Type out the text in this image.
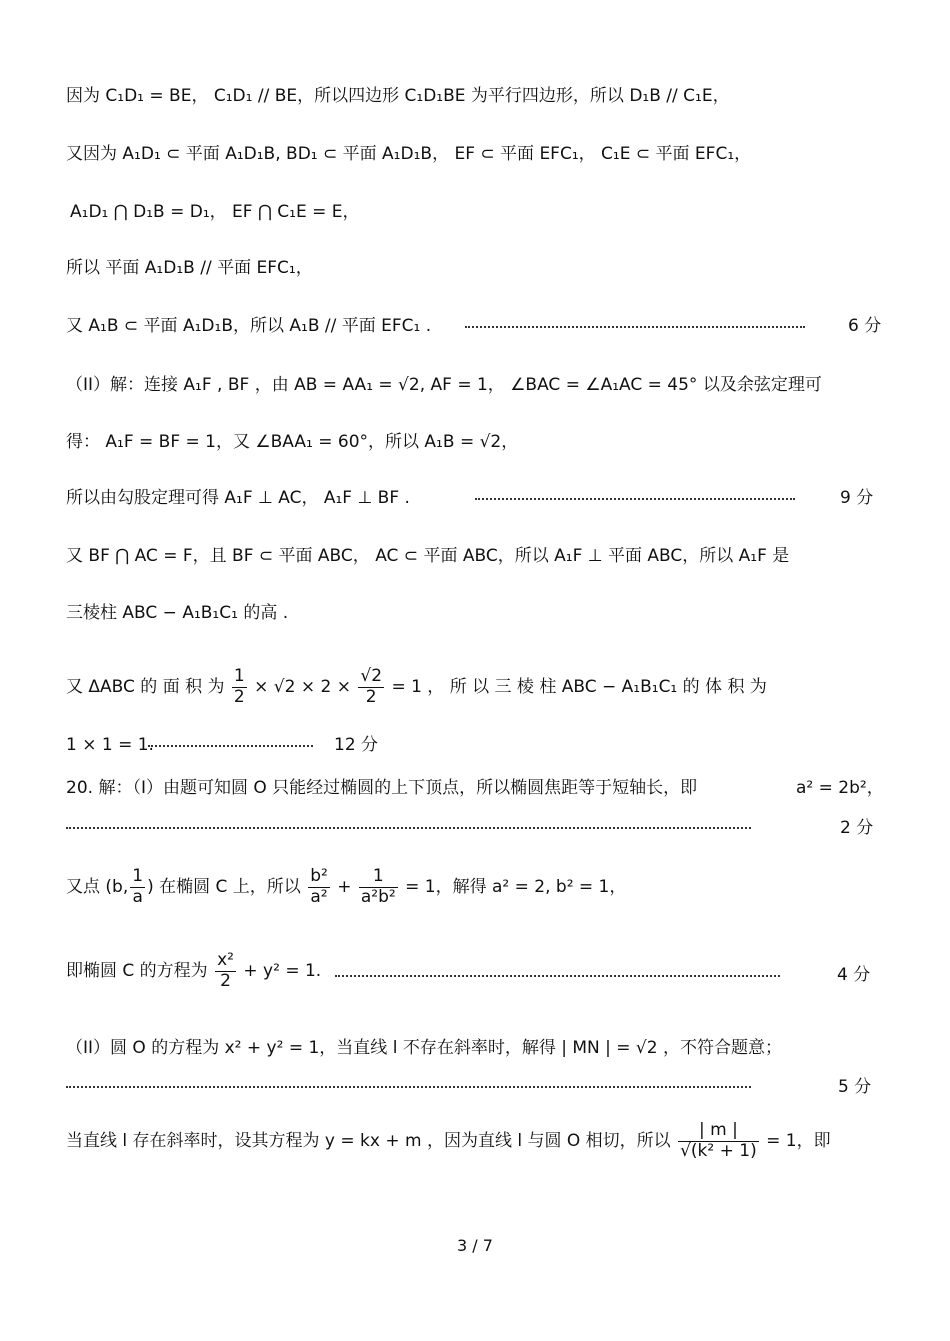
因为 C₁D₁ = BE， C₁D₁ // BE，所以四边形 C₁D₁BE 为平行四边形，所以 D₁B // C₁E，
又因为 A₁D₁ ⊂ 平面 A₁D₁B, BD₁ ⊂ 平面 A₁D₁B， EF ⊂ 平面 EFC₁， C₁E ⊂ 平面 EFC₁，
A₁D₁ ⋂ D₁B = D₁， EF ⋂ C₁E = E，
所以 平面 A₁D₁B // 平面 EFC₁，
又 A₁B ⊂ 平面 A₁D₁B，所以 A₁B // 平面 EFC₁ .	6 分
（II）解：连接 A₁F , BF ，由 AB = AA₁ = √2, AF = 1， ∠BAC = ∠A₁AC = 45° 以及余弦定理可
得： A₁F = BF = 1，又 ∠BAA₁ = 60°，所以 A₁B = √2，
所以由勾股定理可得 A₁F ⊥ AC， A₁F ⊥ BF .	9 分
又 BF ⋂ AC = F，且 BF ⊂ 平面 ABC， AC ⊂ 平面 ABC，所以 A₁F ⊥ 平面 ABC，所以 A₁F 是
三棱柱 ABC − A₁B₁C₁ 的高 .
又 ΔABC 的 面 积 为 $\frac{1}{2} \times √2 \times 2 \times \frac{√2}{2} = 1$ ， 所 以 三 棱 柱 ABC − A₁B₁C₁ 的 体 积 为
1 × 1 = 1.	12 分
20. 解：（I）由题可知圆 O 只能经过椭圆的上下顶点，所以椭圆焦距等于短轴长，即	a² = 2b²，
2 分
又点 (b, $\frac{1}{a}$ ) 在椭圆 C 上，所以 $\frac{\text{b²}}{\text{a²}} + \frac{1}{\text{a²b²}} = 1$，解得 a² = 2, b² = 1，
即椭圆 C 的方程为 $\frac{\text{x²}}{2} + y^2 = 1$.	4 分
（II）圆 O 的方程为 x² + y² = 1，当直线 l 不存在斜率时，解得 | MN | = √2 ，不符合题意；
5 分
当直线 l 存在斜率时，设其方程为 y = kx + m ，因为直线 l 与圆 O 相切，所以 $\frac{| m |}{\text{√(k² + 1)}} = 1$，即
3 / 7
